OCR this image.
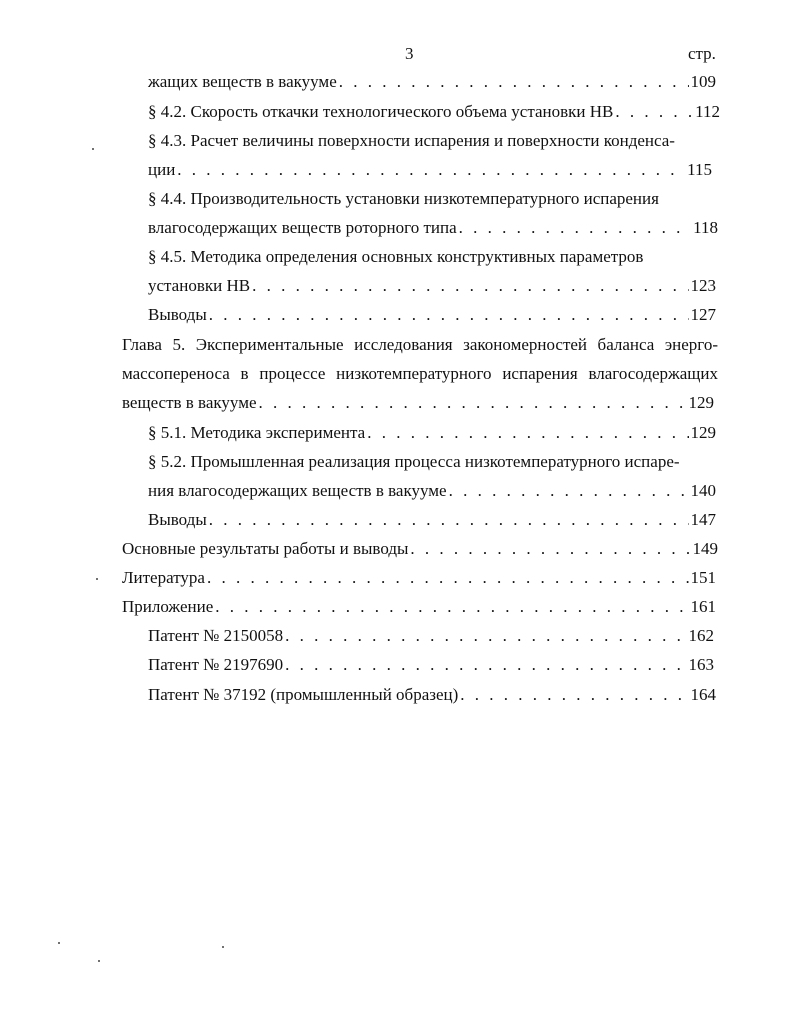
3	стр.
жащих веществ в вакууме . . .	109
§ 4.2. Скорость откачки технологического объема установки НВ . . .	112
§ 4.3. Расчет величины поверхности испарения и поверхности конденса-
ции . . .	115
§ 4.4. Производительность установки низкотемпературного испарения
влагосодержащих веществ роторного типа . . .	118
§ 4.5. Методика определения основных конструктивных параметров
установки НВ . . .	123
Выводы . . .	127
Глава 5. Экспериментальные исследования закономерностей баланса энерго-
массопереноса в процессе низкотемпературного испарения влагосодержащих
веществ в вакууме . . .	129
§ 5.1. Методика эксперимента . . .	129
§ 5.2. Промышленная реализация процесса низкотемпературного испаре-
ния влагосодержащих веществ в вакууме . . .	140
Выводы . . .	147
Основные результаты работы и выводы . . .	149
Литература . . .	151
Приложение . . .	161
Патент № 2150058 . . .	162
Патент № 2197690 . . .	163
Патент № 37192 (промышленный образец) . . .	164
